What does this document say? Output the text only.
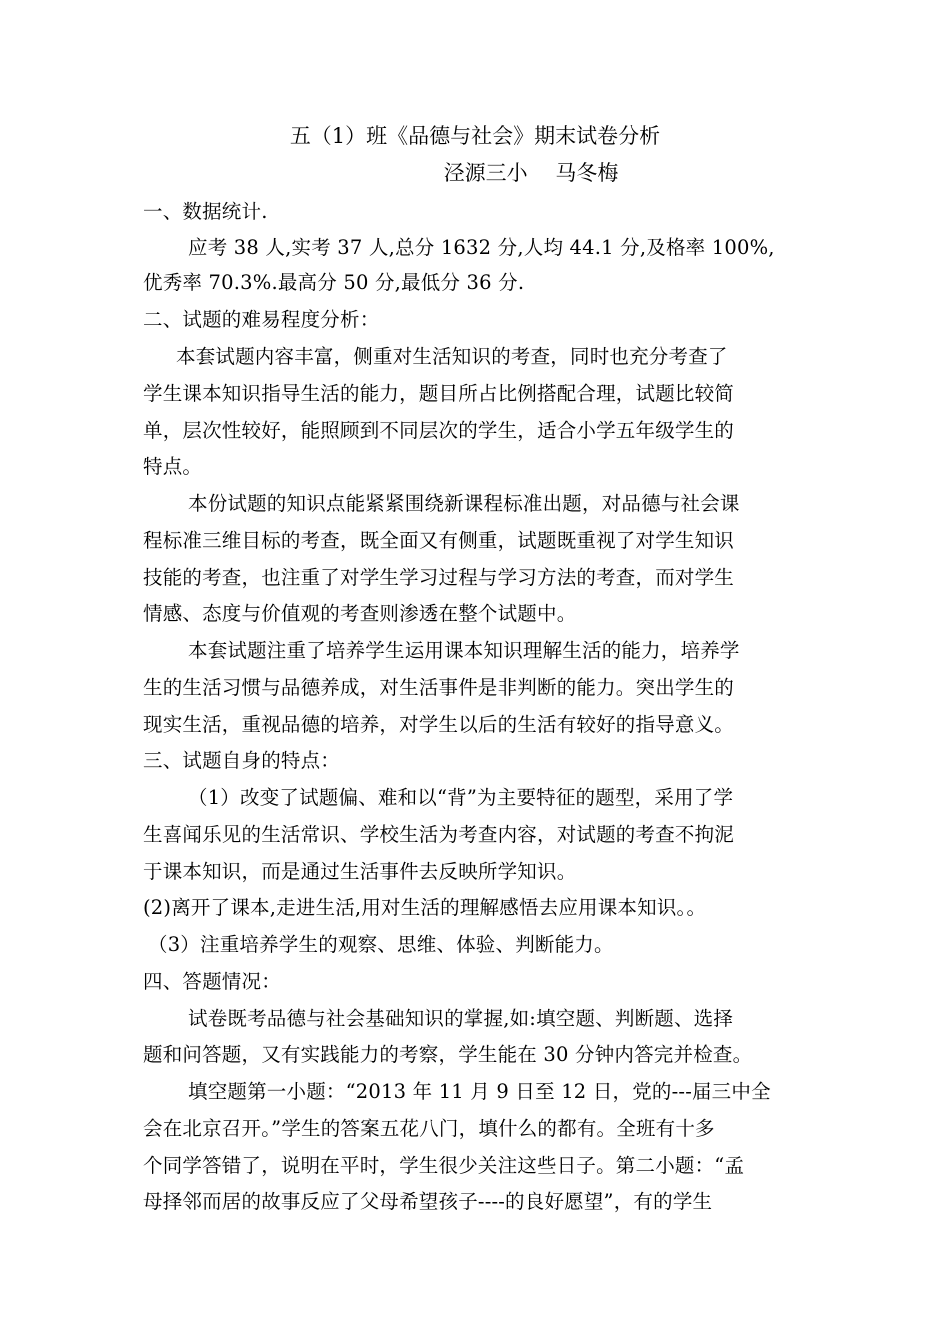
五（1）班《品德与社会》期末试卷分析
泾源三小　 马冬梅
一、数据统计.
应考 38 人,实考 37 人,总分 1632 分,人均 44.1 分,及格率 100%,
优秀率 70.3%.最高分 50 分,最低分 36 分.
二、试题的难易程度分析：
本套试题内容丰富，侧重对生活知识的考查，同时也充分考查了
学生课本知识指导生活的能力，题目所占比例搭配合理，试题比较简
单，层次性较好，能照顾到不同层次的学生，适合小学五年级学生的
特点。
本份试题的知识点能紧紧围绕新课程标准出题，对品德与社会课
程标准三维目标的考查，既全面又有侧重，试题既重视了对学生知识
技能的考查，也注重了对学生学习过程与学习方法的考查，而对学生
情感、态度与价值观的考查则渗透在整个试题中。
本套试题注重了培养学生运用课本知识理解生活的能力，培养学
生的生活习惯与品德养成，对生活事件是非判断的能力。突出学生的
现实生活，重视品德的培养，对学生以后的生活有较好的指导意义。
三、试题自身的特点：
（1）改变了试题偏、难和以“背”为主要特征的题型，采用了学
生喜闻乐见的生活常识、学校生活为考查内容，对试题的考查不拘泥
于课本知识，而是通过生活事件去反映所学知识。
(2)离开了课本,走进生活,用对生活的理解感悟去应用课本知识。。
（3）注重培养学生的观察、思维、体验、判断能力。
四、答题情况：
试卷既考品德与社会基础知识的掌握,如:填空题、判断题、选择
题和问答题，又有实践能力的考察，学生能在 30 分钟内答完并检查。
填空题第一小题：“2013 年 11 月 9 日至 12 日，党的---届三中全
会在北京召开。”学生的答案五花八门，填什么的都有。全班有十多
个同学答错了，说明在平时，学生很少关注这些日子。第二小题：“孟
母择邻而居的故事反应了父母希望孩子----的良好愿望”，有的学生
